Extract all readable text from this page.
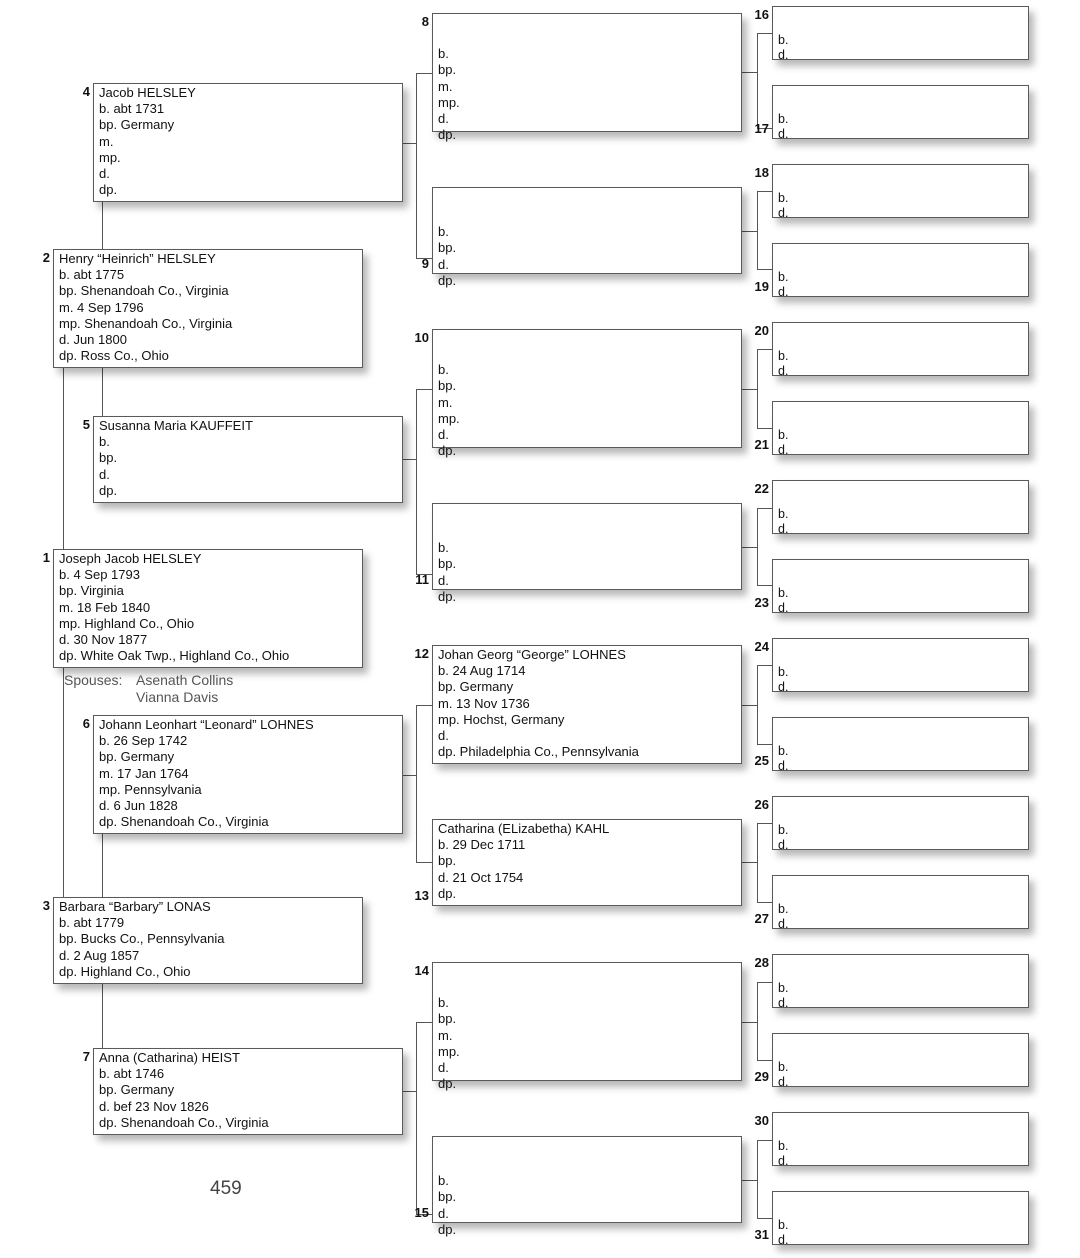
Joseph Jacob HELSLEY
b. 4 Sep 1793
bp. Virginia
m. 18 Feb 1840
mp. Highland Co., Ohio
d. 30 Nov 1877
dp. White Oak Twp., Highland Co., Ohio
1
Henry “Heinrich” HELSLEY
b. abt 1775
bp. Shenandoah Co., Virginia
m. 4 Sep 1796
mp. Shenandoah Co., Virginia
d. Jun 1800
dp. Ross Co., Ohio
2
Barbara “Barbary” LONAS
b. abt 1779
bp. Bucks Co., Pennsylvania
d. 2 Aug 1857
dp. Highland Co., Ohio
3
Jacob HELSLEY
b. abt 1731
bp. Germany
m.
mp.
d.
dp.
4
Susanna Maria KAUFFEIT
b.
bp.
d.
dp.
5
Johann Leonhart “Leonard” LOHNES
b. 26 Sep 1742
bp. Germany
m. 17 Jan 1764
mp. Pennsylvania
d. 6 Jun 1828
dp. Shenandoah Co., Virginia
6
Anna (Catharina) HEIST
b. abt 1746
bp. Germany
d. bef 23 Nov 1826
dp. Shenandoah Co., Virginia
7

b.
bp.
m.
mp.
d.
dp.
8

b.
bp.
d.
dp.
9

b.
bp.
m.
mp.
d.
dp.
10

b.
bp.
d.
dp.
11
Johan Georg “George” LOHNES
b. 24 Aug 1714
bp. Germany
m. 13 Nov 1736
mp. Hochst, Germany
d.
dp. Philadelphia Co., Pennsylvania
12
Catharina (ELizabetha) KAHL
b. 29 Dec 1711
bp.
d. 21 Oct 1754
dp.
13

b.
bp.
m.
mp.
d.
dp.
14

b.
bp.
d.
dp.
15

b.
d.
16

b.
d.
17

b.
d.
18

b.
d.
19

b.
d.
20

b.
d.
21

b.
d.
22

b.
d.
23

b.
d.
24

b.
d.
25

b.
d.
26

b.
d.
27

b.
d.
28

b.
d.
29

b.
d.
30

b.
d.
31
Spouses: Asenath Collins
Vianna Davis
459
